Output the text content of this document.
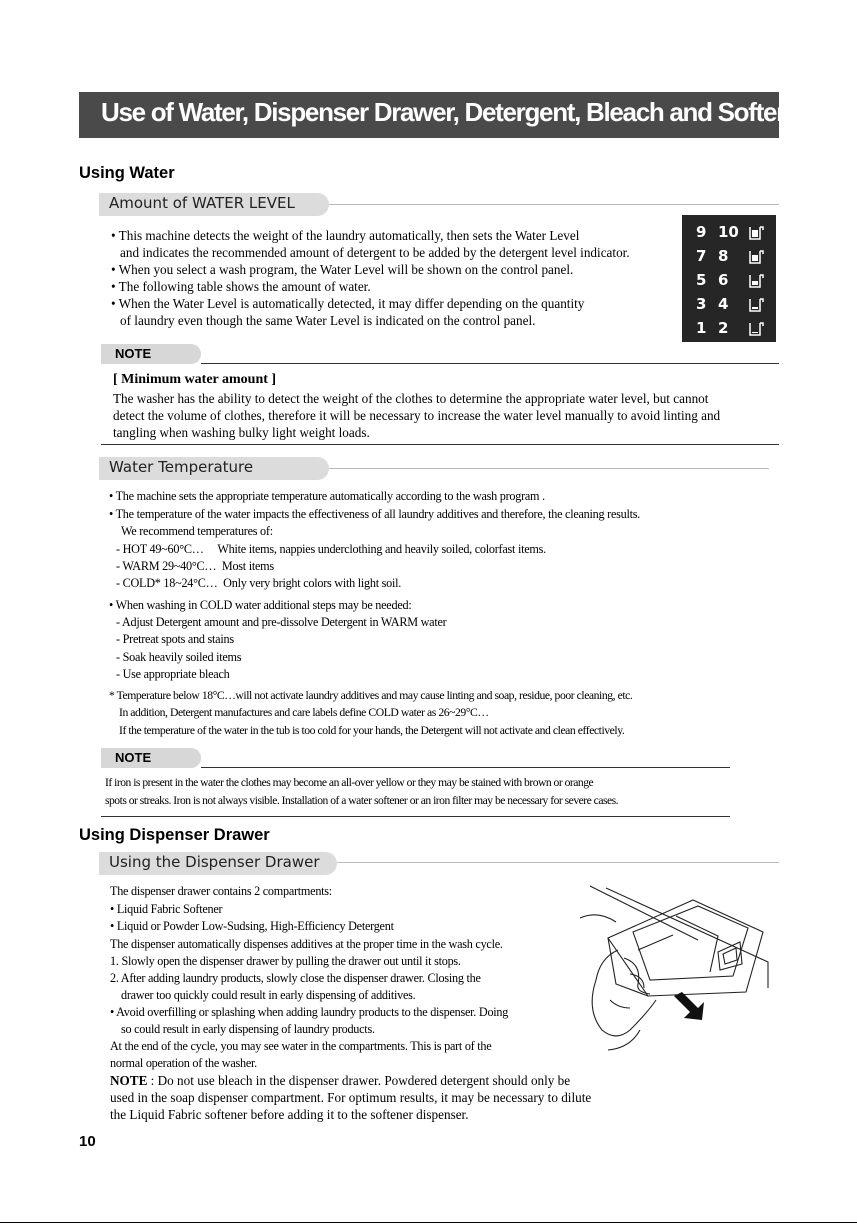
Use of Water, Dispenser Drawer, Detergent, Bleach and Softener
Using Water
Amount of WATER LEVEL
• This machine detects the weight of the laundry automatically, then sets the Water Level
and indicates the recommended amount of detergent to be added by the detergent level indicator.
• When you select a wash program, the Water Level will be shown on the control panel.
• The following table shows the amount of water.
• When the Water Level is automatically detected, it may differ depending on the quantity
of laundry even though the same Water Level is indicated on the control panel.
9 10
7 8
5 6
3 4
1 2
NOTE
[ Minimum water amount ]
The washer has the ability to detect the weight of the clothes to determine the appropriate water level, but cannot
detect the volume of clothes, therefore it will be necessary to increase the water level manually to avoid linting and
tangling when washing bulky light weight loads.
Water Temperature
• The machine sets the appropriate temperature automatically according to the wash program .
• The temperature of the water impacts the effectiveness of all laundry additives and therefore, the cleaning results.
We recommend temperatures of:
- HOT 49~60°C…     White items, nappies underclothing and heavily soiled, colorfast items.
- WARM 29~40°C…  Most items
- COLD* 18~24°C…  Only very bright colors with light soil.
• When washing in COLD water additional steps may be needed:
- Adjust Detergent amount and pre-dissolve Detergent in WARM water
- Pretreat spots and stains
- Soak heavily soiled items
- Use appropriate bleach
* Temperature below 18°C…will not activate laundry additives and may cause linting and soap, residue, poor cleaning, etc.
In addition, Detergent manufactures and care labels define COLD water as 26~29°C…
If the temperature of the water in the tub is too cold for your hands, the Detergent will not activate and clean effectively.
NOTE
If iron is present in the water the clothes may become an all-over yellow or they may be stained with brown or orange
spots or streaks. Iron is not always visible. Installation of a water softener or an iron filter may be necessary for severe cases.
Using Dispenser Drawer
Using the Dispenser Drawer
The dispenser drawer contains 2 compartments:
• Liquid Fabric Softener
• Liquid or Powder Low-Sudsing, High-Efficiency Detergent
The dispenser automatically dispenses additives at the proper time in the wash cycle.
1. Slowly open the dispenser drawer by pulling the drawer out until it stops.
2. After adding laundry products, slowly close the dispenser drawer. Closing the
drawer too quickly could result in early dispensing of additives.
• Avoid overfilling or splashing when adding laundry products to the dispenser. Doing
so could result in early dispensing of laundry products.
At the end of the cycle, you may see water in the compartments. This is part of the
normal operation of the washer.
NOTE : Do not use bleach in the dispenser drawer. Powdered detergent should only be
used in the soap dispenser compartment. For optimum results, it may be necessary to dilute
the Liquid Fabric softener before adding it to the softener dispenser.
10
